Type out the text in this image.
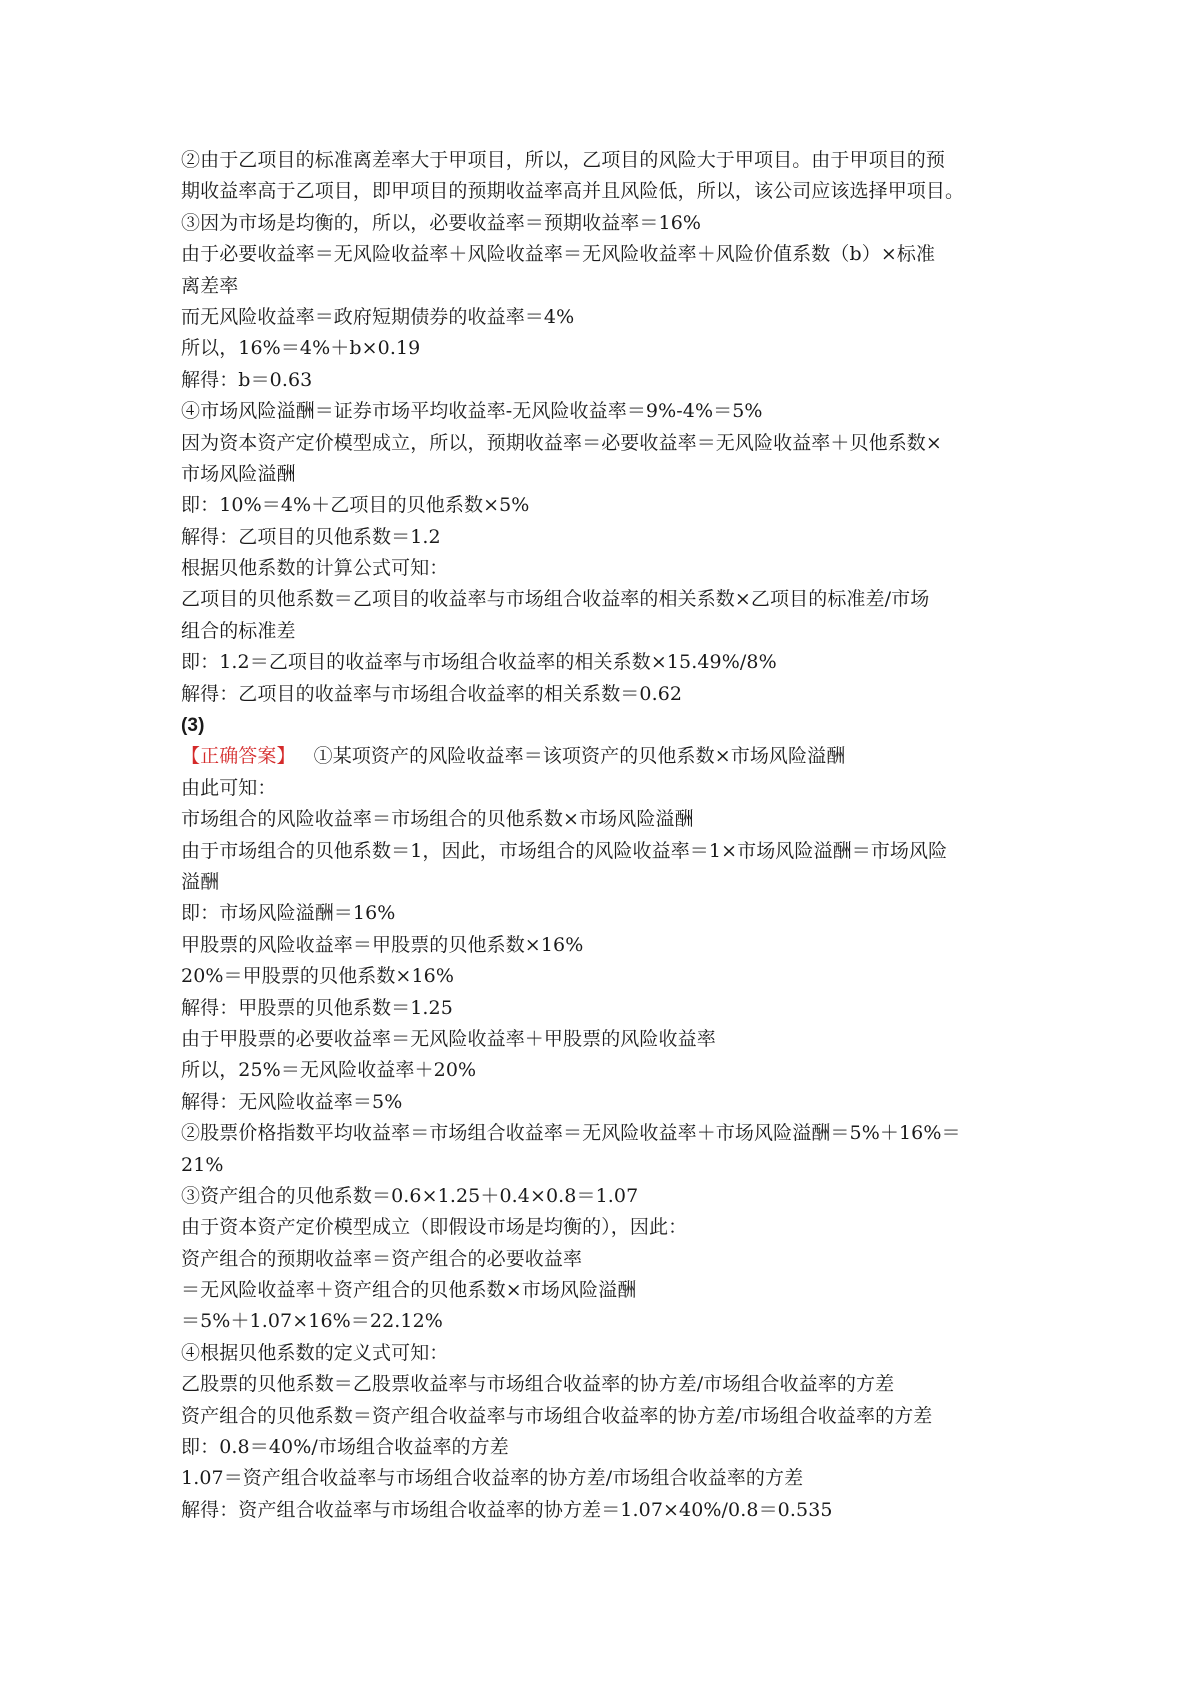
②由于乙项目的标准离差率大于甲项目，所以，乙项目的风险大于甲项目。由于甲项目的预
期收益率高于乙项目，即甲项目的预期收益率高并且风险低，所以，该公司应该选择甲项目。
③因为市场是均衡的，所以，必要收益率＝预期收益率＝16%
由于必要收益率＝无风险收益率＋风险收益率＝无风险收益率＋风险价值系数（b）×标准
离差率
而无风险收益率＝政府短期债券的收益率＝4%
所以，16%＝4%＋b×0.19
解得：b＝0.63
④市场风险溢酬＝证券市场平均收益率-无风险收益率＝9%-4%＝5%
因为资本资产定价模型成立，所以，预期收益率＝必要收益率＝无风险收益率＋贝他系数×
市场风险溢酬
即：10%＝4%＋乙项目的贝他系数×5%
解得：乙项目的贝他系数＝1.2
根据贝他系数的计算公式可知：
乙项目的贝他系数＝乙项目的收益率与市场组合收益率的相关系数×乙项目的标准差/市场
组合的标准差
即：1.2＝乙项目的收益率与市场组合收益率的相关系数×15.49%/8%
解得：乙项目的收益率与市场组合收益率的相关系数＝0.62
(3)
【正确答案】 ①某项资产的风险收益率＝该项资产的贝他系数×市场风险溢酬
由此可知：
市场组合的风险收益率＝市场组合的贝他系数×市场风险溢酬
由于市场组合的贝他系数＝1，因此，市场组合的风险收益率＝1×市场风险溢酬＝市场风险
溢酬
即：市场风险溢酬＝16%
甲股票的风险收益率＝甲股票的贝他系数×16%
20%＝甲股票的贝他系数×16%
解得：甲股票的贝他系数＝1.25
由于甲股票的必要收益率＝无风险收益率＋甲股票的风险收益率
所以，25%＝无风险收益率＋20%
解得：无风险收益率＝5%
②股票价格指数平均收益率＝市场组合收益率＝无风险收益率＋市场风险溢酬＝5%＋16%＝
21%
③资产组合的贝他系数＝0.6×1.25＋0.4×0.8＝1.07
由于资本资产定价模型成立（即假设市场是均衡的），因此：
资产组合的预期收益率＝资产组合的必要收益率
＝无风险收益率＋资产组合的贝他系数×市场风险溢酬
＝5%＋1.07×16%＝22.12%
④根据贝他系数的定义式可知：
乙股票的贝他系数＝乙股票收益率与市场组合收益率的协方差/市场组合收益率的方差
资产组合的贝他系数＝资产组合收益率与市场组合收益率的协方差/市场组合收益率的方差
即：0.8＝40%/市场组合收益率的方差
1.07＝资产组合收益率与市场组合收益率的协方差/市场组合收益率的方差
解得：资产组合收益率与市场组合收益率的协方差＝1.07×40%/0.8＝0.535
